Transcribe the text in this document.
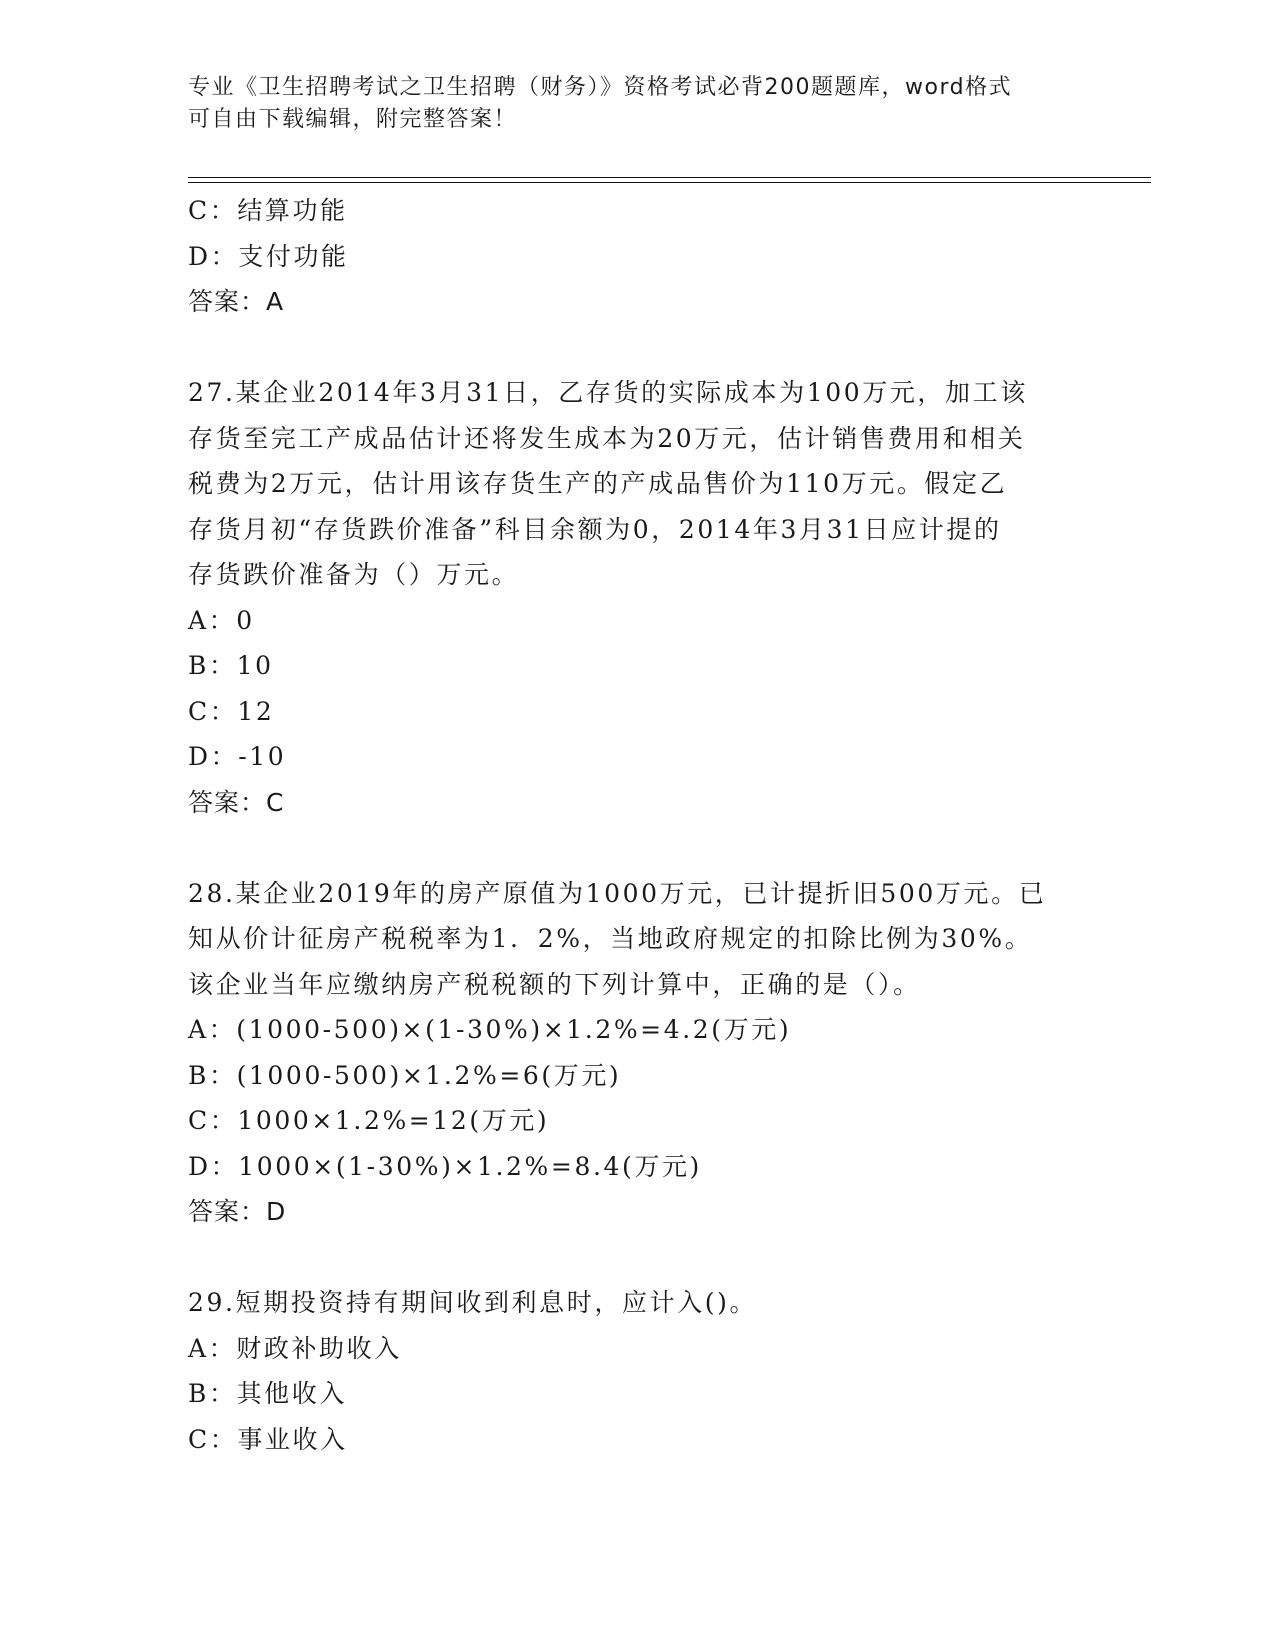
专业《卫生招聘考试之卫生招聘（财务）》资格考试必背200题题库，word格式
可自由下载编辑，附完整答案！
C：结算功能
D：支付功能
答案：A
27.某企业2014年3月31日，乙存货的实际成本为100万元，加工该
存货至完工产成品估计还将发生成本为20万元，估计销售费用和相关
税费为2万元，估计用该存货生产的产成品售价为110万元。假定乙
存货月初“存货跌价准备”科目余额为0，2014年3月31日应计提的
存货跌价准备为（）万元。
A：0
B：10
C：12
D：-10
答案：C
28.某企业2019年的房产原值为1000万元，已计提折旧500万元。已
知从价计征房产税税率为1．2%，当地政府规定的扣除比例为30%。
该企业当年应缴纳房产税税额的下列计算中，正确的是（）。
A：(1000-500)×(1-30%)×1.2%=4.2(万元)
B：(1000-500)×1.2%=6(万元)
C：1000×1.2%=12(万元)
D：1000×(1-30%)×1.2%=8.4(万元)
答案：D
29.短期投资持有期间收到利息时，应计入()。
A：财政补助收入
B：其他收入
C：事业收入
